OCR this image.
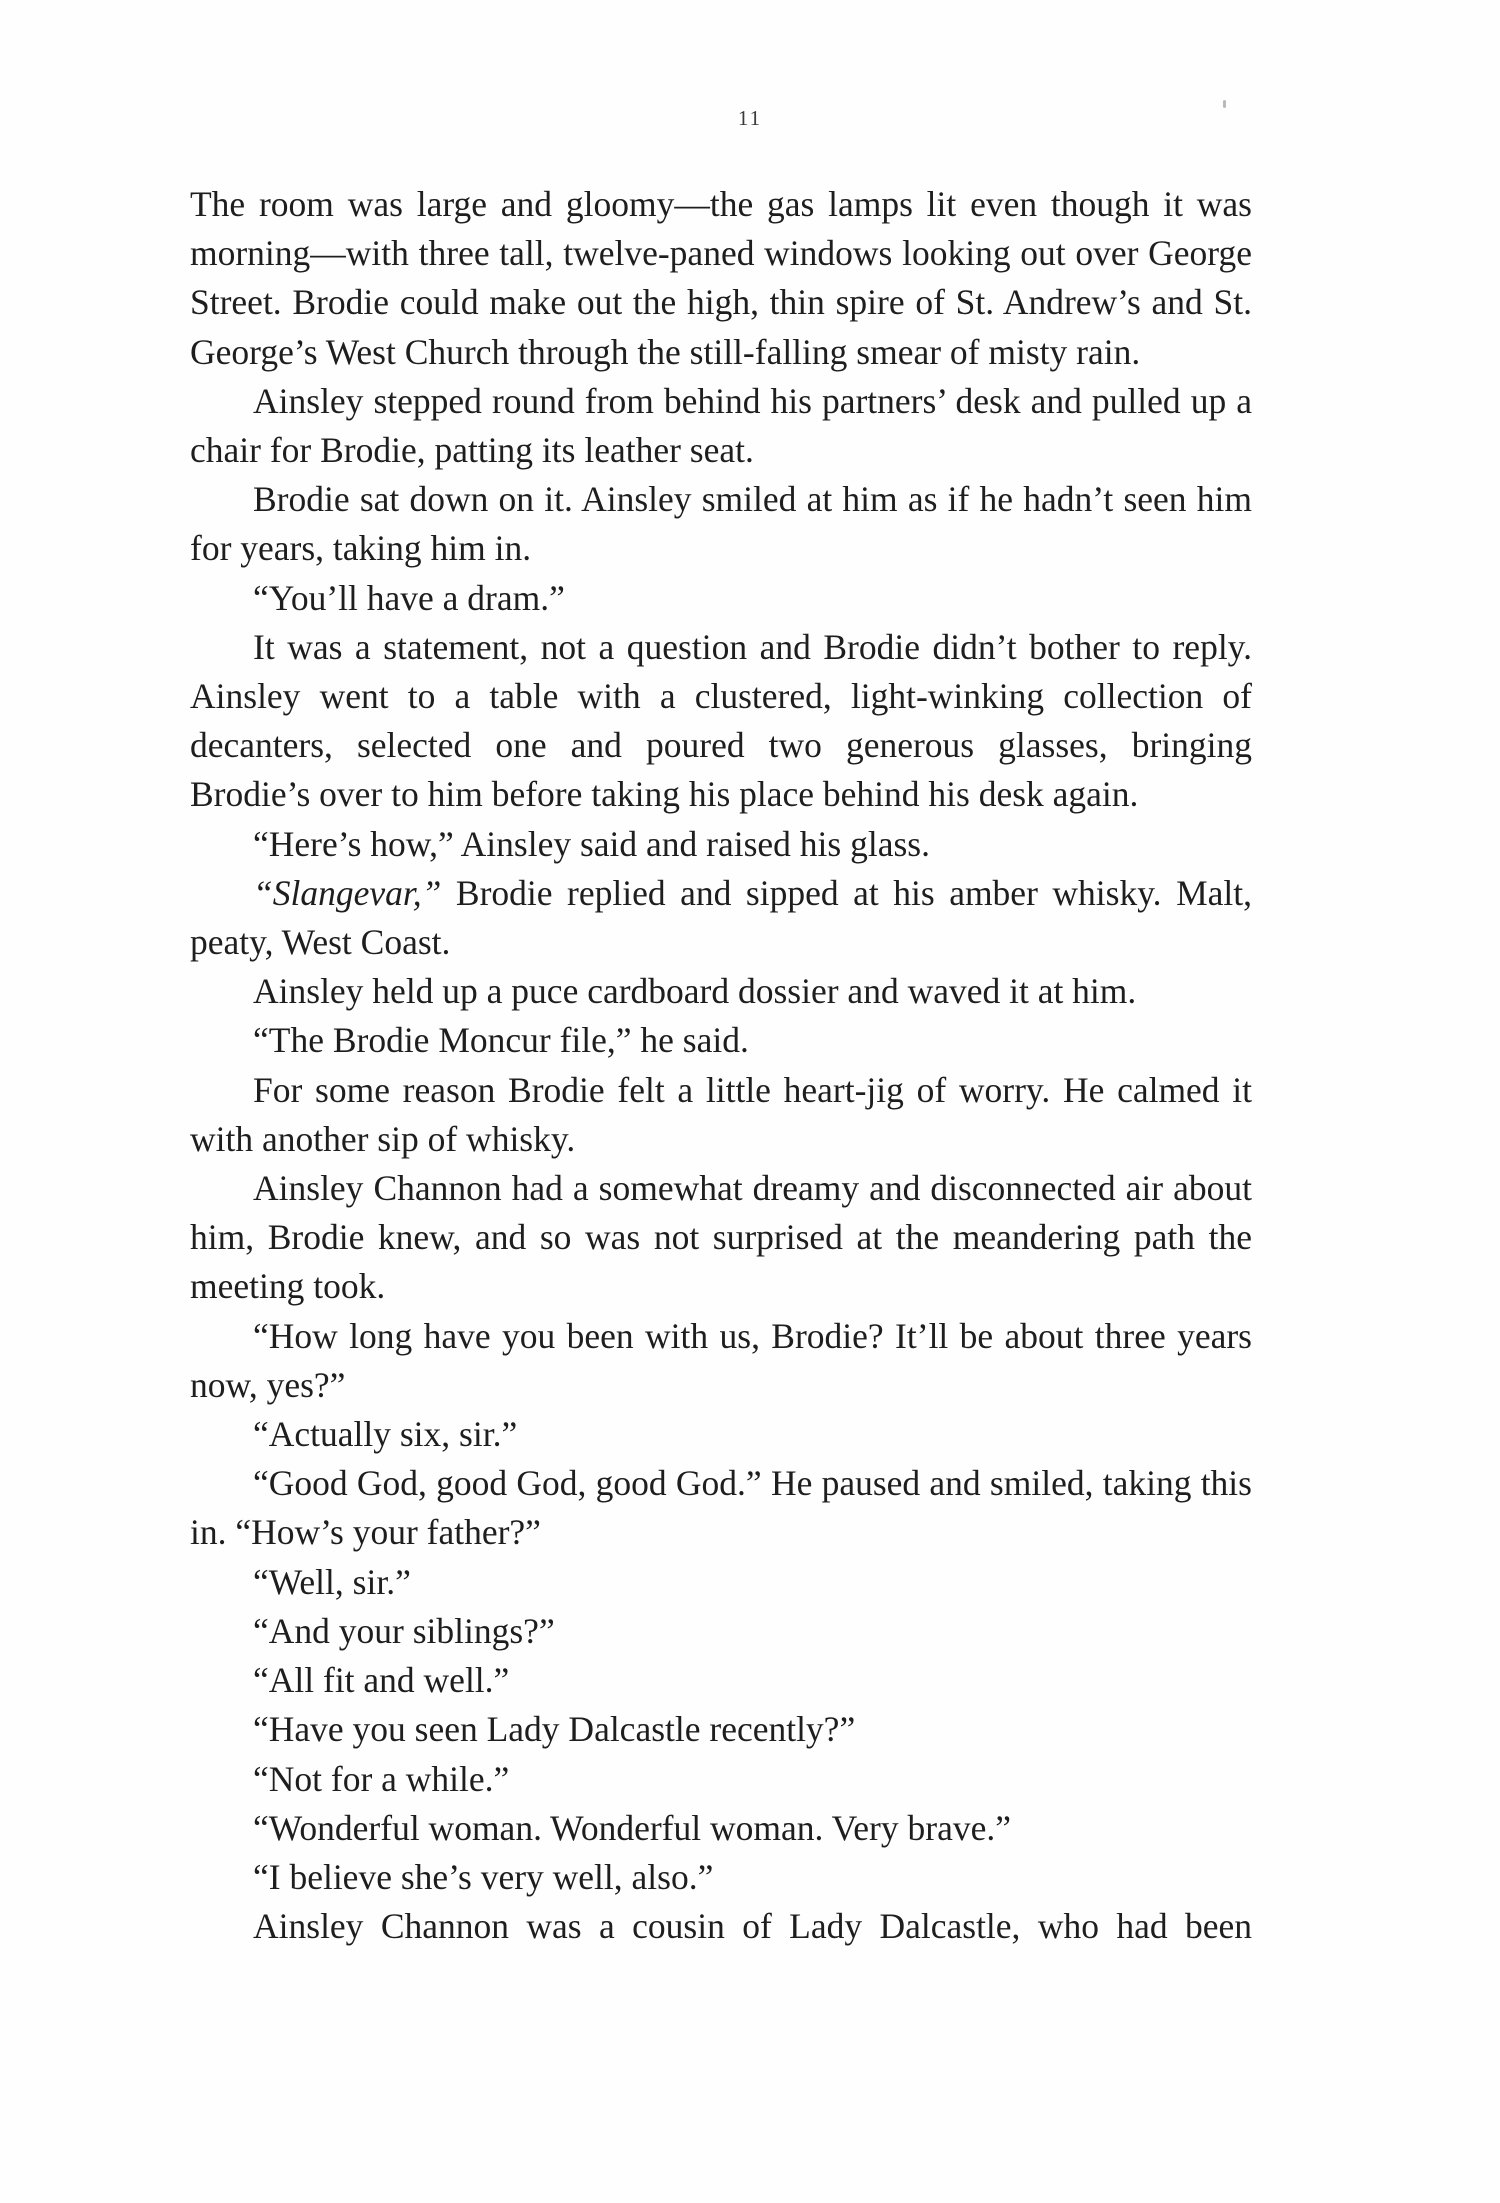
11

The room was large and gloomy—the gas lamps lit even though it was morning—with three tall, twelve-paned windows looking out over George Street. Brodie could make out the high, thin spire of St. Andrew’s and St. George’s West Church through the still-falling smear of misty rain.

Ainsley stepped round from behind his partners’ desk and pulled up a chair for Brodie, patting its leather seat.

Brodie sat down on it. Ainsley smiled at him as if he hadn’t seen him for years, taking him in.

“You’ll have a dram.”

It was a statement, not a question and Brodie didn’t bother to reply. Ainsley went to a table with a clustered, light-winking collection of decanters, selected one and poured two generous glasses, bringing Brodie’s over to him before taking his place behind his desk again.

“Here’s how,” Ainsley said and raised his glass.

“Slangevar,” Brodie replied and sipped at his amber whisky. Malt, peaty, West Coast.

Ainsley held up a puce cardboard dossier and waved it at him.

“The Brodie Moncur file,” he said.

For some reason Brodie felt a little heart-jig of worry. He calmed it with another sip of whisky.

Ainsley Channon had a somewhat dreamy and disconnected air about him, Brodie knew, and so was not surprised at the meandering path the meeting took.

“How long have you been with us, Brodie? It’ll be about three years now, yes?”

“Actually six, sir.”

“Good God, good God, good God.” He paused and smiled, taking this in. “How’s your father?”

“Well, sir.”

“And your siblings?”

“All fit and well.”

“Have you seen Lady Dalcastle recently?”

“Not for a while.”

“Wonderful woman. Wonderful woman. Very brave.”

“I believe she’s very well, also.”

Ainsley Channon was a cousin of Lady Dalcastle, who had been
